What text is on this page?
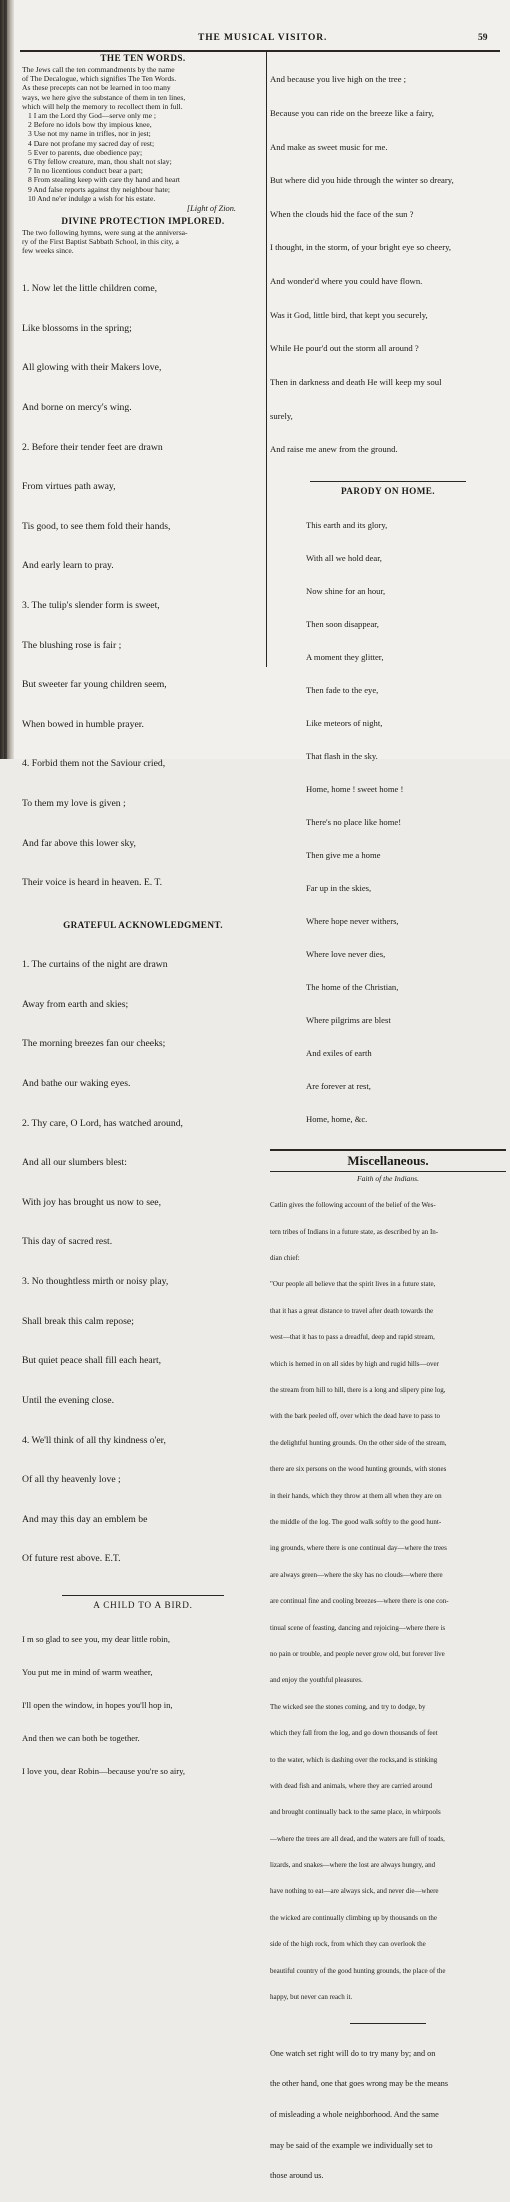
THE MUSICAL VISITOR.	59
THE TEN WORDS.
The Jews call the ten commandments by the name
of The Decalogue, which signifies The Ten Words.
As these precepts can not be learned in too many
ways, we here give the substance of them in ten lines,
which will help the memory to recollect them in full.
1 I am the Lord thy God—serve only me ;
2 Before no idols bow thy impious knee,
3 Use not my name in trifles, nor in jest;
4 Dare not profane my sacred day of rest;
5 Ever to parents, due obedience pay;
6 Thy fellow creature, man, thou shalt not slay;
7 In no licentious conduct bear a part;
8 From stealing keep with care thy hand and heart
9 And false reports against thy neighbour hate;
10 And ne'er indulge a wish for his estate.
[Light of Zion.
DIVINE PROTECTION IMPLORED.
The two following hymns, were sung at the anniversa-
ry of the First Baptist Sabbath School, in this city, a
few weeks since.

1. Now let the little children come,

Like blossoms in the spring;

All glowing with their Makers love,

And borne on mercy's wing.

2. Before their tender feet are drawn

From virtues path away,

Tis good, to see them fold their hands,

And early learn to pray.

3. The tulip's slender form is sweet,

The blushing rose is fair ;

But sweeter far young children seem,

When bowed in humble prayer.

4. Forbid them not the Saviour cried,

To them my love is given ;

And far above this lower sky,

Their voice is heard in heaven. E. T.

GRATEFUL ACKNOWLEDGMENT.

1. The curtains of the night are drawn

Away from earth and skies;

The morning breezes fan our cheeks;

And bathe our waking eyes.

2. Thy care, O Lord, has watched around,

And all our slumbers blest:

With joy has brought us now to see,

This day of sacred rest.

3. No thoughtless mirth or noisy play,

Shall break this calm repose;

But quiet peace shall fill each heart,

Until the evening close.

4. We'll think of all thy kindness o'er,

Of all thy heavenly love ;

And may this day an emblem be

Of future rest above. E.T.

A CHILD TO A BIRD.

I m so glad to see you, my dear little robin,

You put me in mind of warm weather,

I'll open the window, in hopes you'll hop in,

And then we can both be together.

I love you, dear Robin—because you're so airy,

And because you live high on the tree ;

Because you can ride on the breeze like a fairy,

And make as sweet music for me.

But where did you hide through the winter so dreary,

When the clouds hid the face of the sun ?

I thought, in the storm, of your bright eye so cheery,

And wonder'd where you could have flown.

Was it God, little bird, that kept you securely,

While He pour'd out the storm all around ?

Then in darkness and death He will keep my soul

surely,

And raise me anew from the ground.

PARODY ON HOME.

This earth and its glory,

With all we hold dear,

Now shine for an hour,

Then soon disappear,

A moment they glitter,

Then fade to the eye,

Like meteors of night,

That flash in the sky.

Home, home ! sweet home !

There's no place like home!

Then give me a home

Far up in the skies,

Where hope never withers,

Where love never dies,

The home of the Christian,

Where pilgrims are blest

And exiles of earth

Are forever at rest,

Home, home, &c.

Miscellaneous.
Faith of the Indians.

Catlin gives the following account of the belief of the Wes-

tern tribes of Indians in a future state, as described by an In-

dian chief:

"Our people all believe that the spirit lives in a future state,

that it has a great distance to travel after death towards the

west—that it has to pass a dreadful, deep and rapid stream,

which is hemed in on all sides by high and rugid hills—over

the stream from hill to hill, there is a long and slipery pine log,

with the bark peeled off, over which the dead have to pass to

the delightful hunting grounds. On the other side of the stream,

there are six persons on the wood hunting grounds, with stones

in their hands, which they throw at them all when they are on

the middle of the log. The good walk softly to the good hunt-

ing grounds, where there is one continual day—where the trees

are always green—where the sky has no clouds—where there

are continual fine and cooling breezes—where there is one con-

tinual scene of feasting, dancing and rejoicing—where there is

no pain or trouble, and people never grow old, but forever live

and enjoy the youthful pleasures.

The wicked see the stones coming, and try to dodge, by

which they fall from the log, and go down thousands of feet

to the water, which is dashing over the rocks,and is stinking

with dead fish and animals, where they are carried around

and brought continually back to the same place, in whirpools

—where the trees are all dead, and the waters are full of toads,

lizards, and snakes—where the lost are always hungry, and

have nothing to eat—are always sick, and never die—where

the wicked are continually climbing up by thousands on the

side of the high rock, from which they can overlook the

beautiful country of the good hunting grounds, the place of the

happy, but never can reach it.

One watch set right will do to try many by; and on

the other hand, one that goes wrong may be the means

of misleading a whole neighborhood. And the same

may be said of the example we individually set to

those around us.
